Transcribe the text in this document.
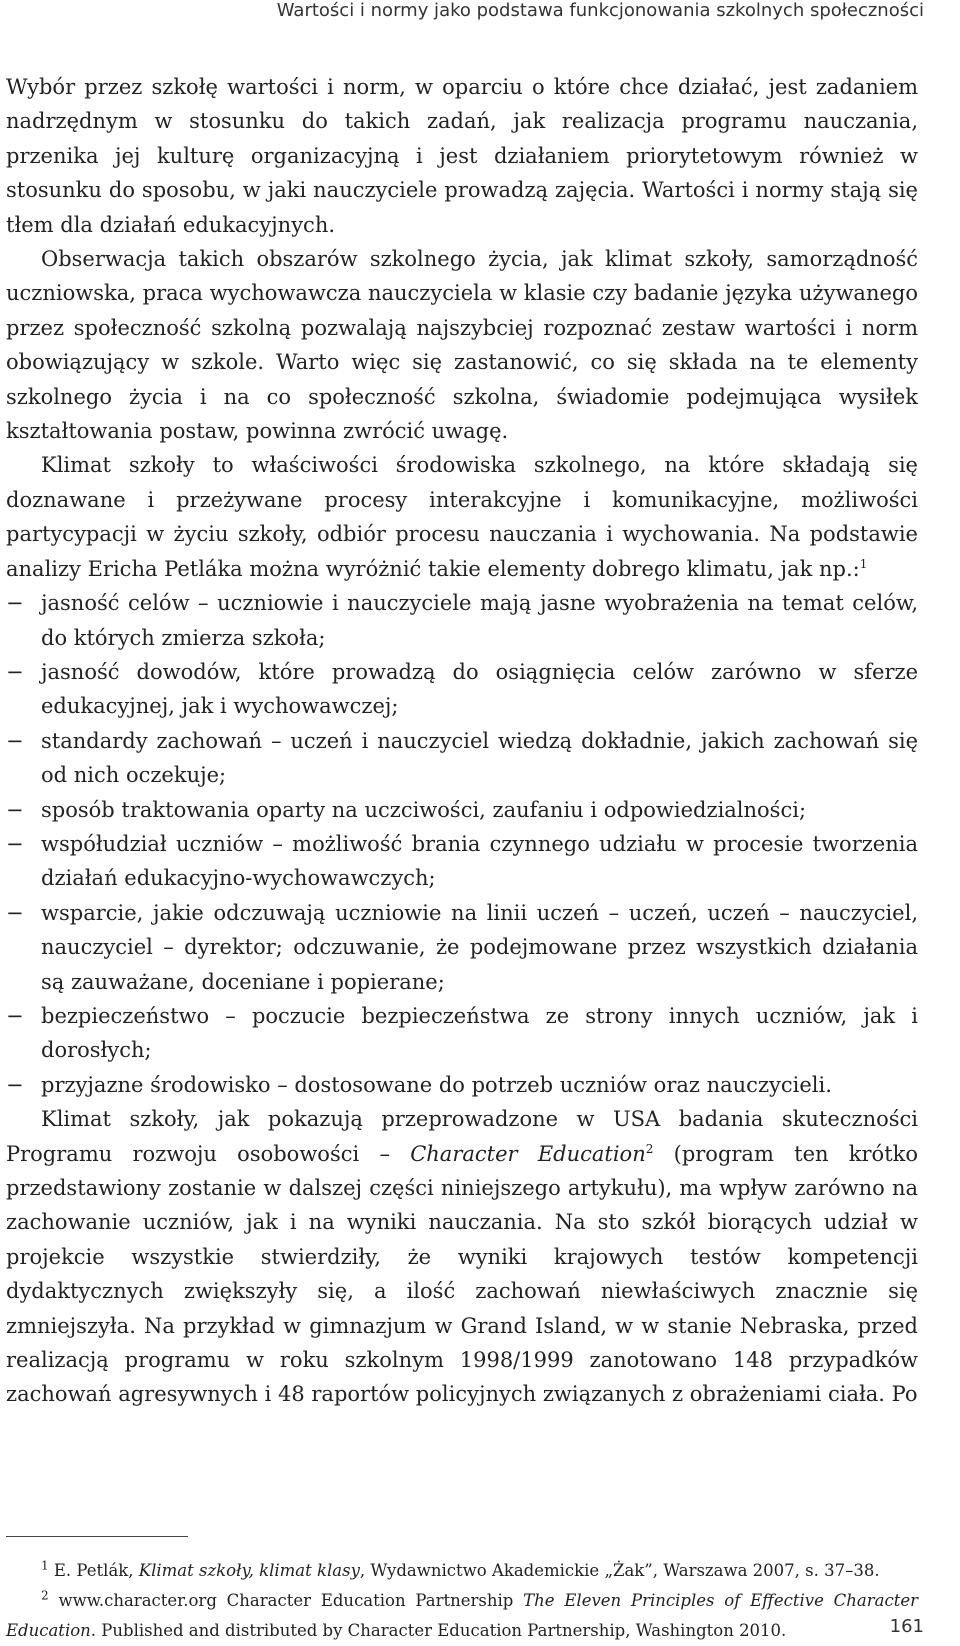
Wartości i normy jako podstawa funkcjonowania szkolnych społeczności

Wybór przez szkołę wartości i norm, w oparciu o które chce działać, jest zadaniem nadrzędnym w stosunku do takich zadań, jak realizacja programu nauczania, przenika jej kulturę organizacyjną i jest działaniem priorytetowym również w stosunku do sposobu, w jaki nauczyciele prowadzą zajęcia. Wartości i normy stają się tłem dla działań edukacyjnych.

Obserwacja takich obszarów szkolnego życia, jak klimat szkoły, samorządność uczniowska, praca wychowawcza nauczyciela w klasie czy badanie języka używanego przez społeczność szkolną pozwalają najszybciej rozpoznać zestaw wartości i norm obowiązujący w szkole. Warto więc się zastanowić, co się składa na te elementy szkolnego życia i na co społeczność szkolna, świadomie podejmująca wysiłek kształtowania postaw, powinna zwrócić uwagę.

Klimat szkoły to właściwości środowiska szkolnego, na które składają się doznawane i przeżywane procesy interakcyjne i komunikacyjne, możliwości partycypacji w życiu szkoły, odbiór procesu nauczania i wychowania. Na podstawie analizy Ericha Petláka można wyróżnić takie elementy dobrego klimatu, jak np.:$^1$

− jasność celów – uczniowie i nauczyciele mają jasne wyobrażenia na temat celów, do których zmierza szkoła;
− jasność dowodów, które prowadzą do osiągnięcia celów zarówno w sferze edukacyjnej, jak i wychowawczej;
− standardy zachowań – uczeń i nauczyciel wiedzą dokładnie, jakich zachowań się od nich oczekuje;
− sposób traktowania oparty na uczciwości, zaufaniu i odpowiedzialności;
− współudział uczniów – możliwość brania czynnego udziału w procesie tworzenia działań edukacyjno-wychowawczych;
− wsparcie, jakie odczuwają uczniowie na linii uczeń – uczeń, uczeń – nauczyciel, nauczyciel – dyrektor; odczuwanie, że podejmowane przez wszystkich działania są zauważane, doceniane i popierane;
− bezpieczeństwo – poczucie bezpieczeństwa ze strony innych uczniów, jak i dorosłych;
− przyjazne środowisko – dostosowane do potrzeb uczniów oraz nauczycieli.

Klimat szkoły, jak pokazują przeprowadzone w USA badania skuteczności Programu rozwoju osobowości – Character Education$^2$ (program ten krótko przedstawiony zostanie w dalszej części niniejszego artykułu), ma wpływ zarówno na zachowanie uczniów, jak i na wyniki nauczania. Na sto szkół biorących udział w projekcie wszystkie stwierdziły, że wyniki krajowych testów kompetencji dydaktycznych zwiększyły się, a ilość zachowań niewłaściwych znacznie się zmniejszyła. Na przykład w gimnazjum w Grand Island, w w stanie Nebraska, przed realizacją programu w roku szkolnym 1998/1999 zanotowano 148 przypadków zachowań agresywnych i 48 raportów policyjnych związanych z obrażeniami ciała. Po

$^1$ E. Petlák, Klimat szkoły, klimat klasy, Wydawnictwo Akademickie „Żak”, Warszawa 2007, s. 37–38.

$^2$ www.character.org Character Education Partnership The Eleven Principles of Effective Character Education. Published and distributed by Character Education Partnership, Washington 2010.	161
